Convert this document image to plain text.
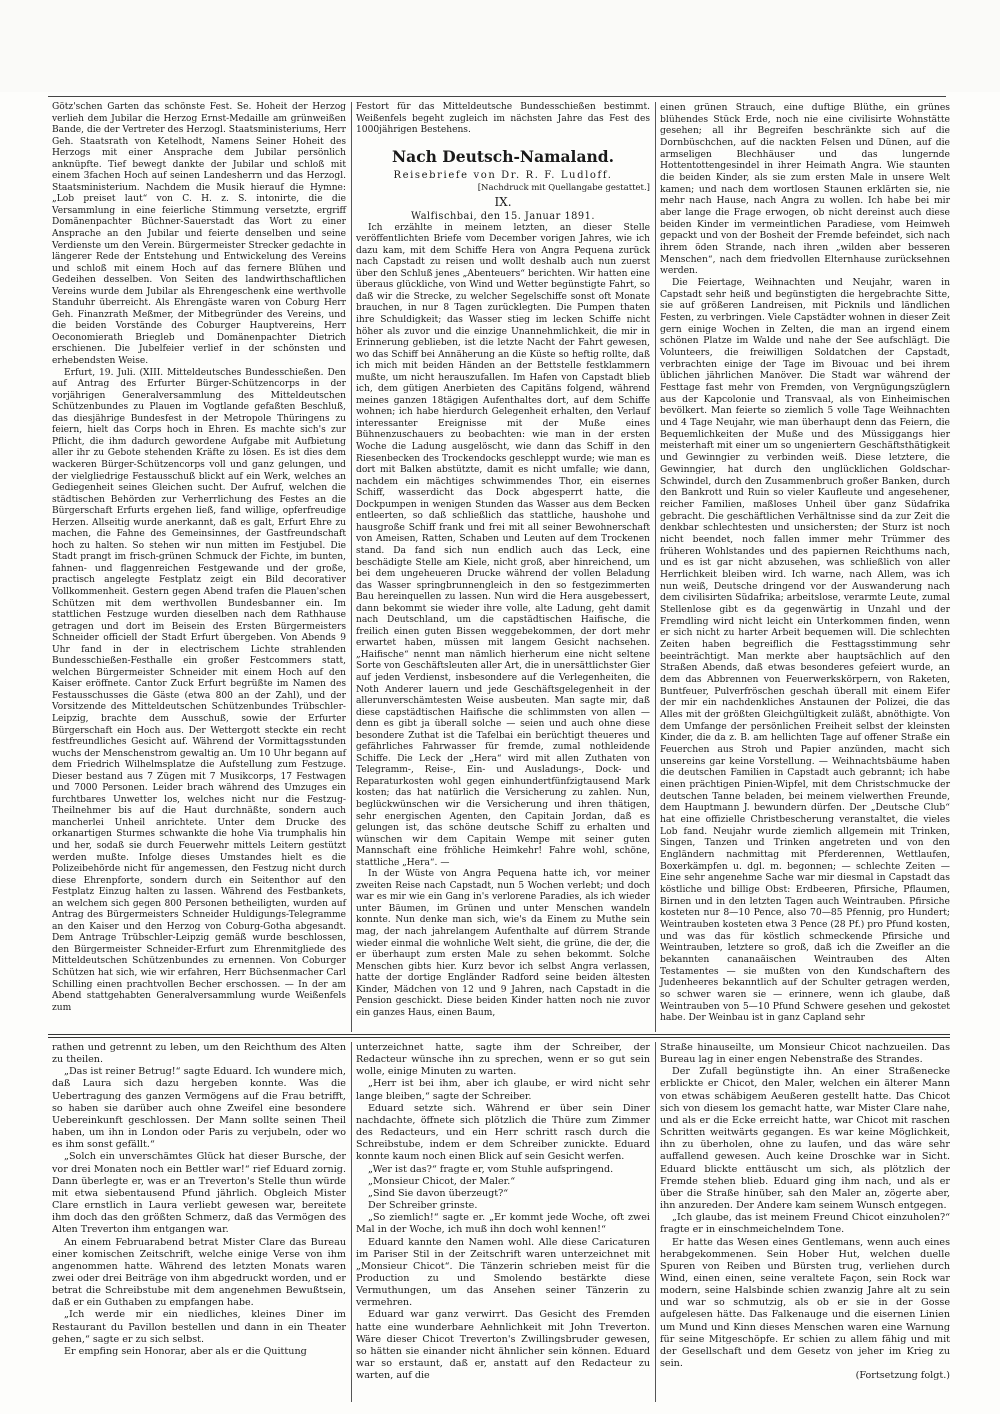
Götz'schen Garten das schönste Fest. Se. Hoheit der Herzog verlieh dem Jubilar die Herzog Ernst-Medaille am grünweißen Bande, die der Vertreter des Herzogl. Staatsministeriums, Herr Geh. Staatsrath von Ketelhodt, Namens Seiner Hoheit des Herzogs mit einer Ansprache dem Jubilar persönlich anknüpfte. Tief bewegt dankte der Jubilar und schloß mit einem 3fachen Hoch auf seinen Landesherrn und das Herzogl. Staatsministerium. Nachdem die Musik hierauf die Hymne: „Lob preiset laut“ von C. H. z. S. intonirte, die die Versammlung in eine feierliche Stimmung versetzte, ergriff Domänenpachter Büchner-Sauerstadt das Wort zu einer Ansprache an den Jubilar und feierte denselben und seine Verdienste um den Verein. Bürgermeister Strecker gedachte in längerer Rede der Entstehung und Entwickelung des Vereins und schloß mit einem Hoch auf das fernere Blühen und Gedeihen desselben. Von Seiten des landwirthschaftlichen Vereins wurde dem Jubilar als Ehrengeschenk eine werthvolle Standuhr überreicht. Als Ehrengäste waren von Coburg Herr Geh. Finanzrath Meßmer, der Mitbegründer des Vereins, und die beiden Vorstände des Coburger Hauptvereins, Herr Oeconomierath Briegleb und Domänenpachter Dietrich erschienen. Die Jubelfeier verlief in der schönsten und erhebendsten Weise.

Erfurt, 19. Juli. (XIII. Mitteldeutsches Bundesschießen. Den auf Antrag des Erfurter Bürger-Schützencorps in der vorjährigen Generalversammlung des Mitteldeutschen Schützenbundes zu Plauen im Vogtlande gefaßten Beschluß, das diesjährige Bundesfest in der Metropole Thüringens zu feiern, hielt das Corps hoch in Ehren. Es machte sich's zur Pflicht, die ihm dadurch gewordene Aufgabe mit Aufbietung aller ihr zu Gebote stehenden Kräfte zu lösen. Es ist dies dem wackeren Bürger-Schützencorps voll und ganz gelungen, und der vielgliedrige Festausschuß blickt auf ein Werk, welches an Gediegenheit seines Gleichen sucht. Der Aufruf, welchen die städtischen Behörden zur Verherrlichung des Festes an die Bürgerschaft Erfurts ergehen ließ, fand willige, opferfreudige Herzen. Allseitig wurde anerkannt, daß es galt, Erfurt Ehre zu machen, die Fahne des Gemeinsinnes, der Gastfreundschaft hoch zu halten. So stehen wir nun mitten im Festjubel. Die Stadt prangt im frisch-grünen Schmuck der Fichte, im bunten, fahnen- und flaggenreichen Festgewande und der große, practisch angelegte Festplatz zeigt ein Bild decorativer Vollkommenheit. Gestern gegen Abend trafen die Plauen'schen Schützen mit dem werthvollen Bundesbanner ein. Im stattlichen Festzuge wurden dieselben nach dem Rathhause getragen und dort im Beisein des Ersten Bürgermeisters Schneider officiell der Stadt Erfurt übergeben. Von Abends 9 Uhr fand in der in electrischem Lichte strahlenden Bundesschießen-Festhalle ein großer Festcommers statt, welchen Bürgermeister Schneider mit einem Hoch auf den Kaiser eröffnete. Cantor Zuck Erfurt begrüßte im Namen des Festausschusses die Gäste (etwa 800 an der Zahl), und der Vorsitzende des Mitteldeutschen Schützenbundes Trübschler-Leipzig, brachte dem Ausschuß, sowie der Erfurter Bürgerschaft ein Hoch aus. Der Wettergott steckte ein recht festfreundliches Gesicht auf. Während der Vormittagsstunden wuchs der Menschenstrom gewaltig an. Um 10 Uhr begann auf dem Friedrich Wilhelmsplatze die Aufstellung zum Festzuge. Dieser bestand aus 7 Zügen mit 7 Musikcorps, 17 Festwagen und 7000 Personen. Leider brach während des Umzuges ein furchtbares Unwetter los, welches nicht nur die Festzug-Theilnehmer bis auf die Haut durchnäßte, sondern auch mancherlei Unheil anrichtete. Unter dem Drucke des orkanartigen Sturmes schwankte die hohe Via trumphalis hin und her, sodaß sie durch Feuerwehr mittels Leitern gestützt werden mußte. Infolge dieses Umstandes hielt es die Polizeibehörde nicht für angemessen, den Festzug nicht durch diese Ehrenpforte, sondern durch ein Seitenthor auf den Festplatz Einzug halten zu lassen. Während des Festbankets, an welchem sich gegen 800 Personen betheiligten, wurden auf Antrag des Bürgermeisters Schneider Huldigungs-Telegramme an den Kaiser und den Herzog von Coburg-Gotha abgesandt. Dem Antrage Trübschler-Leipzig gemäß wurde beschlossen, den Bürgermeister Schneider-Erfurt zum Ehrenmitgliede des Mitteldeutschen Schützenbundes zu ernennen. Von Coburger Schützen hat sich, wie wir erfahren, Herr Büchsenmacher Carl Schilling einen prachtvollen Becher erschossen. — In der am Abend stattgehabten Generalversammlung wurde Weißenfels zum

Festort für das Mitteldeutsche Bundesschießen bestimmt. Weißenfels begeht zugleich im nächsten Jahre das Fest des 1000jährigen Bestehens.

Nach Deutsch-Namaland.
Reisebriefe von Dr. R. F. Ludloff.
[Nachdruck mit Quellangabe gestattet.]
IX.
Walfischbai, den 15. Januar 1891.

Ich erzählte in meinem letzten, an dieser Stelle veröffentlichten Briefe vom December vorigen Jahres, wie ich dazu kam, mit dem Schiffe Hera von Angra Pequena zurück nach Capstadt zu reisen und wollt deshalb auch nun zuerst über den Schluß jenes „Abenteuers“ berichten. Wir hatten eine überaus glückliche, von Wind und Wetter begünstigte Fahrt, so daß wir die Strecke, zu welcher Segelschiffe sonst oft Monate brauchen, in nur 8 Tagen zurücklegten. Die Pumpen thaten ihre Schuldigkeit; das Wasser stieg im lecken Schiffe nicht höher als zuvor und die einzige Unannehmlichkeit, die mir in Erinnerung geblieben, ist die letzte Nacht der Fahrt gewesen, wo das Schiff bei Annäherung an die Küste so heftig rollte, daß ich mich mit beiden Händen an der Bettstelle festklammern mußte, um nicht herauszufallen. Im Hafen von Capstadt blieb ich, dem gütigen Anerbieten des Capitäns folgend, während meines ganzen 18tägigen Aufenthaltes dort, auf dem Schiffe wohnen; ich habe hierdurch Gelegenheit erhalten, den Verlauf interessanter Ereignisse mit der Muße eines Bühnenzuschauers zu beobachten: wie man in der ersten Woche die Ladung ausgelöscht, wie dann das Schiff in den Riesenbecken des Trockendocks geschleppt wurde; wie man es dort mit Balken abstützte, damit es nicht umfalle; wie dann, nachdem ein mächtiges schwimmendes Thor, ein eisernes Schiff, wasserdicht das Dock abgesperrt hatte, die Dockpumpen in wenigen Stunden das Wasser aus dem Becken entleerten, so daß schließlich das stattliche, haushohe und hausgroße Schiff frank und frei mit all seiner Bewohnerschaft von Ameisen, Ratten, Schaben und Leuten auf dem Trockenen stand. Da fand sich nun endlich auch das Leck, eine beschädigte Stelle am Kiele, nicht groß, aber hinreichend, um bei dem ungeheueren Drucke während der vollen Beladung das Wasser springbrunnengleich in den so festgezimmerten Bau hereinquellen zu lassen. Nun wird die Hera ausgebessert, dann bekommt sie wieder ihre volle, alte Ladung, geht damit nach Deutschland, um die capstädtischen Haifische, die freilich einen guten Bissen weggebekommen, der dort mehr erwartet haben, müssen mit langem Gesicht nachsehen. „Haifische“ nennt man nämlich hierherum eine nicht seltene Sorte von Geschäftsleuten aller Art, die in unersättlichster Gier auf jeden Verdienst, insbesondere auf die Verlegenheiten, die Noth Anderer lauern und jede Geschäftsgelegenheit in der allerunverschämtesten Weise ausbeuten. Man sagte mir, daß diese capstädtischen Haifische die schlimmsten von allen — denn es gibt ja überall solche — seien und auch ohne diese besondere Zuthat ist die Tafelbai ein berüchtigt theueres und gefährliches Fahrwasser für fremde, zumal nothleidende Schiffe. Die Leck der „Hera“ wird mit allen Zuthaten von Telegramm-, Reise-, Ein- und Ausladungs-, Dock- und Reparaturkosten wohl gegen einhundertfünfzigtausend Mark kosten; das hat natürlich die Versicherung zu zahlen. Nun, beglückwünschen wir die Versicherung und ihren thätigen, sehr energischen Agenten, den Capitain Jordan, daß es gelungen ist, das schöne deutsche Schiff zu erhalten und wünschen wir dem Capitain Wempe mit seiner guten Mannschaft eine fröhliche Heimkehr! Fahre wohl, schöne, stattliche „Hera“. —

In der Wüste von Angra Pequena hatte ich, vor meiner zweiten Reise nach Capstadt, nun 5 Wochen verlebt; und doch war es mir wie ein Gang in's verlorene Paradies, als ich wieder unter Bäumen, im Grünen und unter Menschen wandeln konnte. Nun denke man sich, wie's da Einem zu Muthe sein mag, der nach jahrelangem Aufenthalte auf dürrem Strande wieder einmal die wohnliche Welt sieht, die grüne, die der, die er überhaupt zum ersten Male zu sehen bekommt. Solche Menschen gibts hier. Kurz bevor ich selbst Angra verlassen, hatte der dortige Engländer Radford seine beiden ältesten Kinder, Mädchen von 12 und 9 Jahren, nach Capstadt in die Pension geschickt. Diese beiden Kinder hatten noch nie zuvor ein ganzes Haus, einen Baum,

einen grünen Strauch, eine duftige Blüthe, ein grünes blühendes Stück Erde, noch nie eine civilisirte Wohnstätte gesehen; all ihr Begreifen beschränkte sich auf die Dornbüschchen, auf die nackten Felsen und Dünen, auf die armseligen Blechhäuser und das lungernde Hottentottengesindel in ihrer Heimath Angra. Wie staunten die beiden Kinder, als sie zum ersten Male in unsere Welt kamen; und nach dem wortlosen Staunen erklärten sie, nie mehr nach Hause, nach Angra zu wollen. Ich habe bei mir aber lange die Frage erwogen, ob nicht dereinst auch diese beiden Kinder im vermeintlichen Paradiese, vom Heimweh gepackt und von der Bosheit der Fremde befeindet, sich nach ihrem öden Strande, nach ihren „wilden aber besseren Menschen“, nach dem friedvollen Elternhause zurücksehnen werden.

Die Feiertage, Weihnachten und Neujahr, waren in Capstadt sehr heiß und begünstigten die hergebrachte Sitte, sie auf größeren Landreisen, mit Picknils und ländlichen Festen, zu verbringen. Viele Capstädter wohnen in dieser Zeit gern einige Wochen in Zelten, die man an irgend einem schönen Platze im Walde und nahe der See aufschlägt. Die Volunteers, die freiwilligen Soldatchen der Capstadt, verbrachten einige der Tage im Bivouac und bei ihrem üblichen jährlichen Manöver. Die Stadt war während der Festtage fast mehr von Fremden, von Vergnügungszüglern aus der Kapcolonie und Transvaal, als von Einheimischen bevölkert. Man feierte so ziemlich 5 volle Tage Weihnachten und 4 Tage Neujahr, wie man überhaupt denn das Feiern, die Bequemlichkeiten der Muße und des Müssiggangs hier meisterhaft mit einer um so ungeniertern Geschäftsthätigkeit und Gewinngier zu verbinden weiß. Diese letztere, die Gewinngier, hat durch den unglücklichen Goldschar-Schwindel, durch den Zusammenbruch großer Banken, durch den Bankrott und Ruin so vieler Kaufleute und angesehener, reicher Familien, maßloses Unheil über ganz Südafrika gebracht. Die geschäftlichen Verhältnisse sind da zur Zeit die denkbar schlechtesten und unsichersten; der Sturz ist noch nicht beendet, noch fallen immer mehr Trümmer des früheren Wohlstandes und des papiernen Reichthums nach, und es ist gar nicht abzusehen, was schließlich von aller Herrlichkeit bleiben wird. Ich warne, nach Allem, was ich nun weiß, Deutsche dringend vor der Auswanderung nach dem civilisirten Südafrika; arbeitslose, verarmte Leute, zumal Stellenlose gibt es da gegenwärtig in Unzahl und der Fremdling wird nicht leicht ein Unterkommen finden, wenn er sich nicht zu harter Arbeit bequemen will. Die schlechten Zeiten haben begreiflich die Festtagsstimmung sehr beeinträchtigt. Man merkte aber hauptsächlich auf den Straßen Abends, daß etwas besonderes gefeiert wurde, an dem das Abbrennen von Feuerwerkskörpern, von Raketen, Buntfeuer, Pulverfröschen geschah überall mit einem Eifer der mir ein nachdenkliches Anstaunen der Polizei, die das Alles mit der größten Gleichgültigkeit zuläßt, abnöthigte. Von dem Umfange der persönlichen Freiheit selbst der kleinsten Kinder, die da z. B. am hellichten Tage auf offener Straße ein Feuerchen aus Stroh und Papier anzünden, macht sich unsereins gar keine Vorstellung. — Weihnachtsbäume haben die deutschen Familien in Capstadt auch gebrannt; ich habe einen prächtigen Pinien-Wipfel, mit dem Christschmucke der deutschen Tanne beladen, bei meinem vielwerthen Freunde, dem Hauptmann J. bewundern dürfen. Der „Deutsche Club“ hat eine offizielle Christbescherung veranstaltet, die vieles Lob fand. Neujahr wurde ziemlich allgemein mit Trinken, Singen, Tanzen und Trinken angetreten und von den Engländern nachmittag mit Pferderennen, Wettlaufen, Boxerkämpfen u. dgl. m. begonnen; — schlechte Zeiten — Eine sehr angenehme Sache war mir diesmal in Capstadt das köstliche und billige Obst: Erdbeeren, Pfirsiche, Pflaumen, Birnen und in den letzten Tagen auch Weintrauben. Pfirsiche kosteten nur 8—10 Pence, also 70—85 Pfennig, pro Hundert; Weintrauben kosteten etwa 3 Pence (28 Pf.) pro Pfund kosten, und was das für köstlich schmeckende Pfirsiche und Weintrauben, letztere so groß, daß ich die Zweifler an die bekannten cananaäischen Weintrauben des Alten Testamentes — sie mußten von den Kundschaftern des Judenheeres bekanntlich auf der Schulter getragen werden, so schwer waren sie — erinnere, wenn ich glaube, daß Weintrauben von 5—10 Pfund Schwere gesehen und gekostet habe. Der Weinbau ist in ganz Capland sehr

rathen und getrennt zu leben, um den Reichthum des Alten zu theilen.

„Das ist reiner Betrug!“ sagte Eduard. Ich wundere mich, daß Laura sich dazu hergeben konnte. Was die Uebertragung des ganzen Vermögens auf die Frau betrifft, so haben sie darüber auch ohne Zweifel eine besondere Uebereinkunft geschlossen. Der Mann sollte seinen Theil haben, um ihn in London oder Paris zu verjubeln, oder wo es ihm sonst gefällt.“

„Solch ein unverschämtes Glück hat dieser Bursche, der vor drei Monaten noch ein Bettler war!“ rief Eduard zornig. Dann überlegte er, was er an Treverton's Stelle thun würde mit etwa siebentausend Pfund jährlich. Obgleich Mister Clare ernstlich in Laura verliebt gewesen war, bereitete ihm doch das den größten Schmerz, daß das Vermögen des Alten Treverton ihm entgangen war.

An einem Februarabend betrat Mister Clare das Bureau einer komischen Zeitschrift, welche einige Verse von ihm angenommen hatte. Während des letzten Monats waren zwei oder drei Beiträge von ihm abgedruckt worden, und er betrat die Schreibstube mit dem angenehmen Bewußtsein, daß er ein Guthaben zu empfangen habe.

„Ich werde mir ein niedliches, kleines Diner im Restaurant du Pavillon bestellen und dann in ein Theater gehen,“ sagte er zu sich selbst.

Er empfing sein Honorar, aber als er die Quittung

unterzeichnet hatte, sagte ihm der Schreiber, der Redacteur wünsche ihn zu sprechen, wenn er so gut sein wolle, einige Minuten zu warten.

„Herr ist bei ihm, aber ich glaube, er wird nicht sehr lange bleiben,“ sagte der Schreiber.

Eduard setzte sich. Während er über sein Diner nachdachte, öffnete sich plötzlich die Thüre zum Zimmer des Redacteurs, und ein Herr schritt rasch durch die Schreibstube, indem er dem Schreiber zunickte. Eduard konnte kaum noch einen Blick auf sein Gesicht werfen.

„Wer ist das?“ fragte er, vom Stuhle aufspringend.

„Monsieur Chicot, der Maler.“

„Sind Sie davon überzeugt?“

Der Schreiber grinste.

„So ziemlich!“ sagte er. „Er kommt jede Woche, oft zwei Mal in der Woche, ich muß ihn doch wohl kennen!“

Eduard kannte den Namen wohl. Alle diese Caricaturen im Pariser Stil in der Zeitschrift waren unterzeichnet mit „Monsieur Chicot“. Die Tänzerin schrieben meist für die Production zu und Smolendo bestärkte diese Vermuthungen, um das Ansehen seiner Tänzerin zu vermehren.

Eduard war ganz verwirrt. Das Gesicht des Fremden hatte eine wunderbare Aehnlichkeit mit John Treverton. Wäre dieser Chicot Treverton's Zwillingsbruder gewesen, so hätten sie einander nicht ähnlicher sein können. Eduard war so erstaunt, daß er, anstatt auf den Redacteur zu warten, auf die

Straße hinauseilte, um Monsieur Chicot nachzueilen. Das Bureau lag in einer engen Nebenstraße des Strandes.

Der Zufall begünstigte ihn. An einer Straßenecke erblickte er Chicot, den Maler, welchen ein älterer Mann von etwas schäbigem Aeußeren gestellt hatte. Das Chicot sich von diesem los gemacht hatte, war Mister Clare nahe, und als er die Ecke erreicht hatte, war Chicot mit raschen Schritten weitwärts gegangen. Es war keine Möglichkeit, ihn zu überholen, ohne zu laufen, und das wäre sehr auffallend gewesen. Auch keine Droschke war in Sicht. Eduard blickte enttäuscht um sich, als plötzlich der Fremde stehen blieb. Eduard ging ihm nach, und als er über die Straße hinüber, sah den Maler an, zögerte aber, ihn anzureden. Der Andere kam seinem Wunsch entgegen.

„Ich glaube, das ist meinem Freund Chicot einzuholen?“ fragte er in einschmeichelndem Tone.

Er hatte das Wesen eines Gentlemans, wenn auch eines herabgekommenen. Sein Hober Hut, welchen duelle Spuren von Reiben und Bürsten trug, verliehen durch Wind, einen einen, seine veraltete Façon, sein Rock war modern, seine Halsbinde schien zwanzig Jahre alt zu sein und war so schmutzig, als ob er sie in der Gosse aufgelesen hätte. Das Falkenauge und die eisernen Linien um Mund und Kinn dieses Menschen waren eine Warnung für seine Mitgeschöpfe. Er schien zu allem fähig und mit der Gesellschaft und dem Gesetz von jeher im Krieg zu sein.

(Fortsetzung folgt.)
